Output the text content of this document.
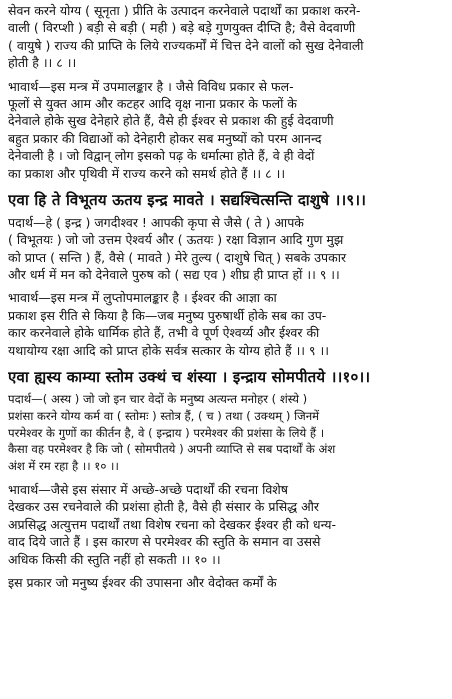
सेवन करने योग्य ( सूनृता ) प्रीति के उत्पादन करनेवाले पदार्थों का प्रकाश करने-
वाली ( विरप्शी ) बड़ी से बड़ी ( मही ) बड़े बड़े गुणयुक्त दीप्ति है; वैसे वेदवाणी
( वायुषे ) राज्य की प्राप्ति के लिये राज्यकर्मों में चित्त देने वालों को सुख देनेवाली
होती है ।। ८ ।।
भावार्थ—इस मन्त्र में उपमालङ्कार है । जैसे विविध प्रकार से फल-
फूलों से युक्त आम और कटहर आदि वृक्ष नाना प्रकार के फलों के
देनेवाले होके सुख देनेहारे होते हैं, वैसे ही ईश्वर से प्रकाश की हुई वेदवाणी
बहुत प्रकार की विद्याओं को देनेहारी होकर सब मनुष्यों को परम आनन्द
देनेवाली है । जो विद्वान् लोग इसको पढ़ के धर्मात्मा होते हैं, वे ही वेदों
का प्रकाश और पृथिवी में राज्य करने को समर्थ होते हैं ।। ८ ।।
एवा हि ते विभूतय ऊतय इन्द्र मावते । सद्यश्चित्सन्ति दाशुषे ।।९।।
पदार्थ—हे ( इन्द्र ) जगदीश्वर ! आपकी कृपा से जैसे ( ते ) आपके
( विभूतयः ) जो जो उत्तम ऐश्वर्य और ( ऊतयः ) रक्षा विज्ञान आदि गुण मुझ
को प्राप्त ( सन्ति ) हैं, वैसे ( मावते ) मेरे तुल्य ( दाशुषे चित् ) सबके उपकार
और धर्म में मन को देनेवाले पुरुष को ( सद्य एव ) शीघ्र ही प्राप्त हों ।। ९ ।।
भावार्थ—इस मन्त्र में लुप्तोपमालङ्कार है । ईश्वर की आज्ञा का
प्रकाश इस रीति से किया है कि—जब मनुष्य पुरुषार्थी होके सब का उप-
कार करनेवाले होके धार्मिक होते हैं, तभी वे पूर्ण ऐश्वर्य्य और ईश्वर की
यथायोग्य रक्षा आदि को प्राप्त होके सर्वत्र सत्कार के योग्य होते हैं ।। ९ ।।
एवा ह्यस्य काम्या स्तोम उक्थं च शंस्या । इन्द्राय सोमपीतये ।।१०।।
पदार्थ—( अस्य ) जो जो इन चार वेदों के मनुष्य अत्यन्त मनोहर ( शंस्ये )
प्रशंसा करने योग्य कर्म वा ( स्तोमः ) स्तोत्र हैं, ( च ) तथा ( उक्थम् ) जिनमें
परमेश्वर के गुणों का कीर्तन है, वे ( इन्द्राय ) परमेश्वर की प्रशंसा के लिये हैं ।
कैसा वह परमेश्वर है कि जो ( सोमपीतये ) अपनी व्याप्ति से सब पदार्थों के अंश
अंश में रम रहा है ।। १० ।।
भावार्थ—जैसे इस संसार में अच्छे-अच्छे पदार्थों की रचना विशेष
देखकर उस रचनेवाले की प्रशंसा होती है, वैसे ही संसार के प्रसिद्ध और
अप्रसिद्ध अत्युत्तम पदार्थों तथा विशेष रचना को देखकर ईश्वर ही को धन्य-
वाद दिये जाते हैं । इस कारण से परमेश्वर की स्तुति के समान वा उससे
अधिक किसी की स्तुति नहीं हो सकती ।। १० ।।
इस प्रकार जो मनुष्य ईश्वर की उपासना और वेदोक्त कर्मों के
